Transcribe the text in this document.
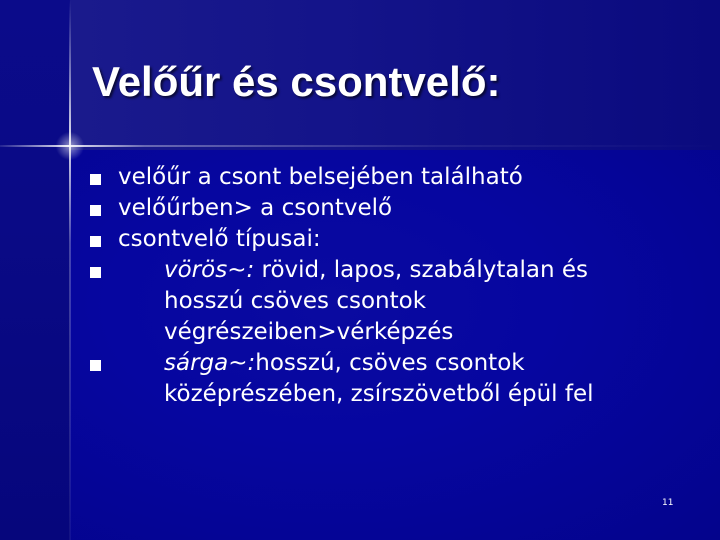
Velőűr és csontvelő:
velőűr a csont belsejében található
velőűrben> a csontvelő
csontvelő típusai:
vörös~: rövid, lapos, szabálytalan és
hosszú csöves csontok
végrészeiben>vérképzés
sárga~:hosszú, csöves csontok
középrészében, zsírszövetből épül fel
11
